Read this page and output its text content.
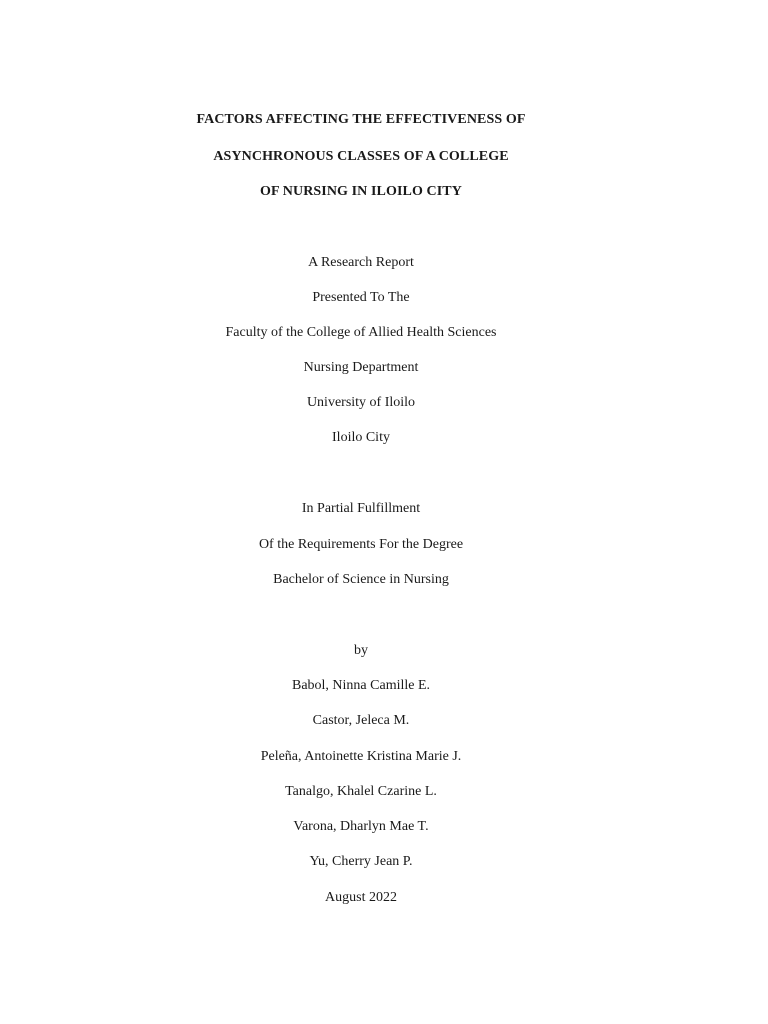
FACTORS AFFECTING THE EFFECTIVENESS OF
ASYNCHRONOUS CLASSES OF A COLLEGE
OF NURSING IN ILOILO CITY
A Research Report
Presented To The
Faculty of the College of Allied Health Sciences
Nursing Department
University of Iloilo
Iloilo City
In Partial Fulfillment
Of the Requirements For the Degree
Bachelor of Science in Nursing
by
Babol, Ninna Camille E.
Castor, Jeleca M.
Peleña, Antoinette Kristina Marie J.
Tanalgo, Khalel Czarine L.
Varona, Dharlyn Mae T.
Yu, Cherry Jean P.
August 2022
